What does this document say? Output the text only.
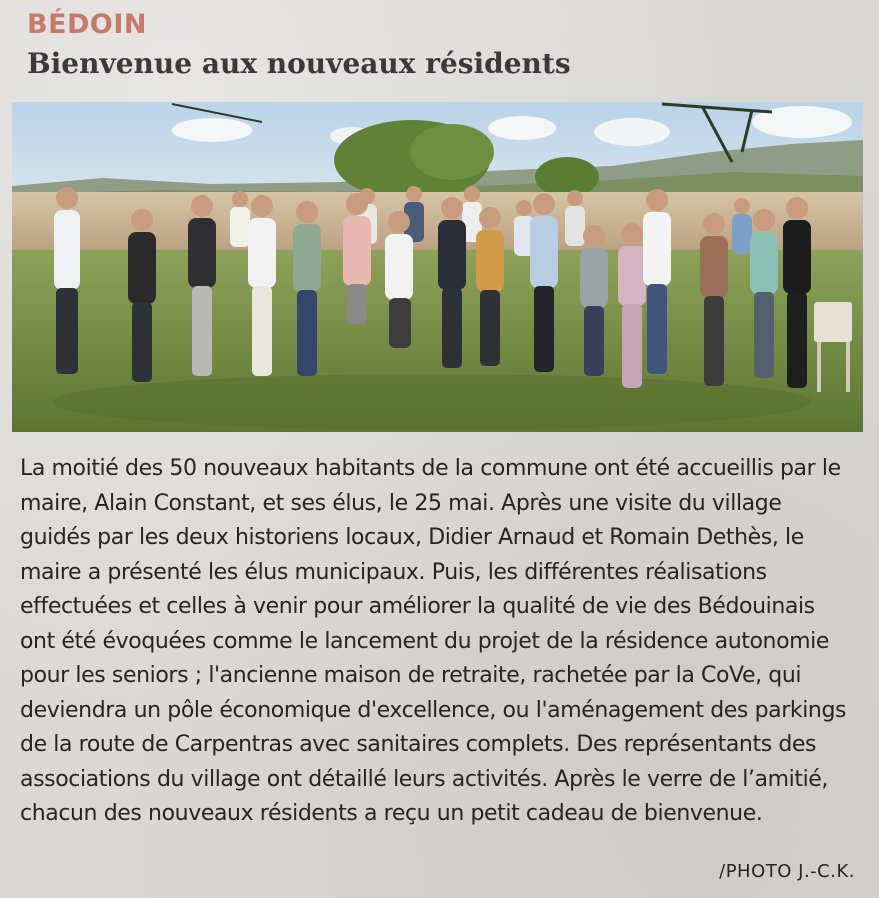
BÉDOIN
Bienvenue aux nouveaux résidents

La moitié des 50 nouveaux habitants de la commune ont été accueillis par le maire, Alain Constant, et ses élus, le 25 mai. Après une visite du village guidés par les deux historiens locaux, Didier Arnaud et Romain Dethès, le maire a présenté les élus municipaux. Puis, les différentes réalisations effectuées et celles à venir pour améliorer la qualité de vie des Bédouinais ont été évoquées comme le lancement du projet de la résidence autonomie pour les seniors ; l'ancienne maison de retraite, rachetée par la CoVe, qui deviendra un pôle économique d'excellence, ou l'aménagement des parkings de la route de Carpentras avec sanitaires complets. Des représentants des associations du village ont détaillé leurs activités. Après le verre de l’amitié, chacun des nouveaux résidents a reçu un petit cadeau de bienvenue.

/PHOTO J.-C.K.
